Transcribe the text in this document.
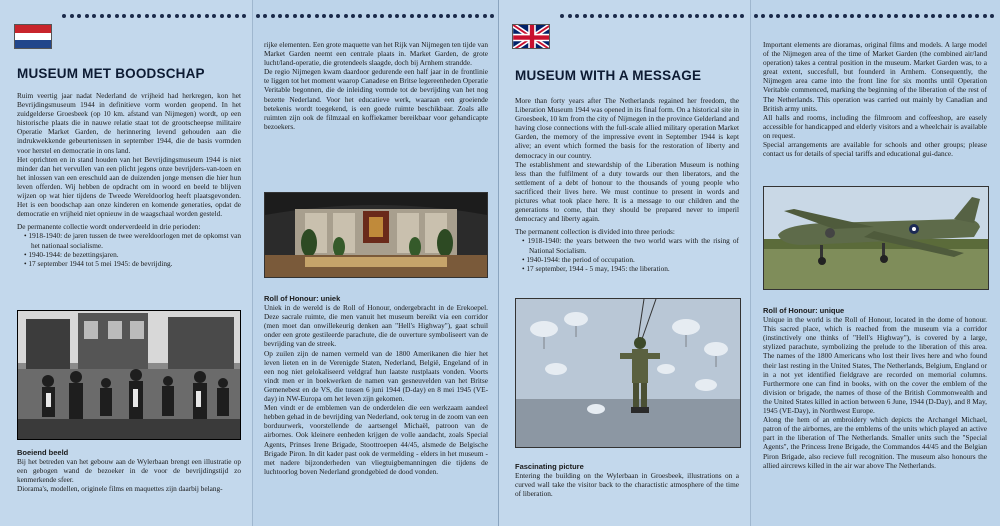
MUSEUM MET BOODSCHAP

Ruim veertig jaar nadat Nederland de vrijheid had herkregen, kon het Bevrijdingsmuseum 1944 in definitieve vorm worden geopend. In het zuidgelderse Groesbeek (op 10 km. afstand van Nijmegen) wordt, op een historische plaats die in nauwe relatie staat tot de grootscheepse militaire Operatie Market Garden, de herinnering levend gehouden aan die indrukwekkende gebeurtenissen in september 1944, die de basis vormden voor herstel en democratie in ons land.

Het oprichten en in stand houden van het Bevrijdingsmuseum 1944 is niet minder dan het vervullen van een plicht jegens onze bevrijders-van-toen en het inlossen van een ereschuld aan de duizenden jonge mensen die hier hun leven offerden. Wij hebben de opdracht om in woord en beeld te blijven wijzen op wat hier tijdens de Tweede Wereldoorlog heeft plaatsgevonden. Het is een boodschap aan onze kinderen en komende generaties, opdat de democratie en vrijheid niet opnieuw in de waagschaal worden gesteld.

De permanente collectie wordt onderverdeeld in drie perioden:

• 1918-1940: de jaren tussen de twee wereldoorlogen met de opkomst van het nationaal socialisme.

• 1940-1944: de bezettingsjaren.

• 17 september 1944 tot 5 mei 1945: de bevrijding.

Boeiend beeld

Bij het betreden van het gebouw aan de Wylerbaan brengt een illustratie op een gebogen wand de bezoeker in de voor de bevrijdingstijd zo kenmerkende sfeer.

Diorama's, modellen, originele films en maquettes zijn daarbij belang-

rijke elementen. Een grote maquette van het Rijk van Nijmegen ten tijde van Market Garden neemt een centrale plaats in. Market Garden, de grote lucht/land-operatie, die grotendeels slaagde, doch bij Arnhem strandde.

De regio Nijmegen kwam daardoor gedurende een half jaar in de frontlinie te liggen tot het moment waarop Canadese en Britse legereenheden Operatie Veritable begonnen, die de inleiding vormde tot de bevrijding van het nog bezette Nederland. Voor het educatieve werk, waaraan een groeiende betekenis wordt toegekend, is een goede ruimte beschikbaar. Zoals alle ruimten zijn ook de filmzaal en koffiekamer bereikbaar voor gehandicapte bezoekers.

Roll of Honour: uniek

Uniek in de wereld is de Roll of Honour, ondergebracht in de Erekoepel. Deze sacrale ruimte, die men vanuit het museum bereikt via een corridor (men moet dan onwillekeurig denken aan "Hell's Highway"), gaat schuil onder een grote gestileerde parachute, die de ouverture symboliseert van de bevrijding van de streek.

Op zuilen zijn de namen vermeld van de 1800 Amerikanen die hier het leven lieten en in de Verenigde Staten, Nederland, België, Engeland of in een nog niet gelokaliseerd veldgraf hun laatste rustplaats vonden. Voorts vindt men er in boekwerken de namen van gesneuvelden van het Britse Gemenebest en de VS, die tussen 6 juni 1944 (D-day) en 8 mei 1945 (VE-day) in NW-Europa om het leven zijn gekomen.

Men vindt er de emblemen van de onderdelen die een werkzaam aandeel hebben gehad in de bevrijding van Nederland, ook terug in de zoom van een borduurwerk, voorstellende de aartsengel Michaël, patroon van de airbornes. Ook kleinere eenheden krijgen de volle aandacht, zoals Special Agents, Prinses Irene Brigade, Stoottroepen 44/45, alsmede de Belgische Brigade Piron. In dit kader past ook de vermelding - elders in het museum - met nadere bijzonderheden van vliegtuigbemanningen die tijdens de luchtoorlog boven Nederland grondgebied de dood vonden.

MUSEUM WITH A MESSAGE

More than forty years after The Netherlands regained her freedom, the Liberation Museum 1944 was opened in its final form. On a historical site in Groesbeek, 10 km from the city of Nijmegen in the province Gelderland and having close connections with the full-scale allied military operation Market Garden, the memory of the impressive event in September 1944 is kept alive; an event which formed the basis for the restoration of liberty and democracy in our country.

The establishment and stewardship of the Liberation Museum is nothing less than the fulfilment of a duty towards our then liberators, and the settlement of a debt of honour to the thousands of young people who sacrificed their lives here. We must continue to present in words and pictures what took place here. It is a message to our children and the generations to come, that they should be prepared never to imperil democracy and liberty again.

The permanent collection is divided into three periods:

• 1918-1940: the years between the two world wars with the rising of National Socialism.

• 1940-1944: the period of occupation.

• 17 september, 1944 - 5 may, 1945: the liberation.

Fascinating picture

Entering the building on the Wylerbaan in Groesbeek, illustrations on a curved wall take the visitor back to the charactistic atmosphere of the time of liberation.

Important elements are dioramas, original films and models. A large model of the Nijmegen area of the time of Market Garden (the combined air/land operation) takes a central position in the museum. Market Garden was, to a great extent, succesfull, but founderd in Arnhem. Consequently, the Nijmegen area came into the front line for six months until Operation Veritable commenced, marking the beginning of the liberation of the rest of The Netherlands. This operation was carried out mainly by Canadian and British army units.

All halls and rooms, including the filmroom and coffeeshop, are easely accessible for handicapped and elderly visitors and a wheelchair is available on request.

Special arrangements are available for schools and other groups; please contact us for details of special tariffs and educational gui-dance.

Roll of Honour: unique

Unique in the world is the Roll of Honour, located in the dome of honour. This sacred place, which is reached from the museum via a corridor (instinctively one thinks of "Hell's Highway"), is covered by a large, stylized parachute, symbolizing the prelude to the liberation of this area. The names of the 1800 Americans who lost their lives here and who found their last resting in the United States, The Netherlands, Belgium, England or in a not yet identified fieldgrave are recorded on memorial columns. Furthermore one can find in books, with on the cover the emblem of the division or brigade, the names of those of the British Commonwealth and the United States killed in action between 6 June, 1944 (D-Day), and 8 May, 1945 (VE-Day), in Northwest Europe.

Along the hem of an embroidery which depicts the Archangel Michael, patron of the airbornes, are the emblems of the units which played an active part in the liberation of The Netherlands. Smaller units such the "Special Agents", the Princess Irene Brigade, the Commandos 44/45 and the Belgian Piron Brigade, also recieve full recognition. The museum also honours the allied aircrews killed in the air war above The Netherlands.
